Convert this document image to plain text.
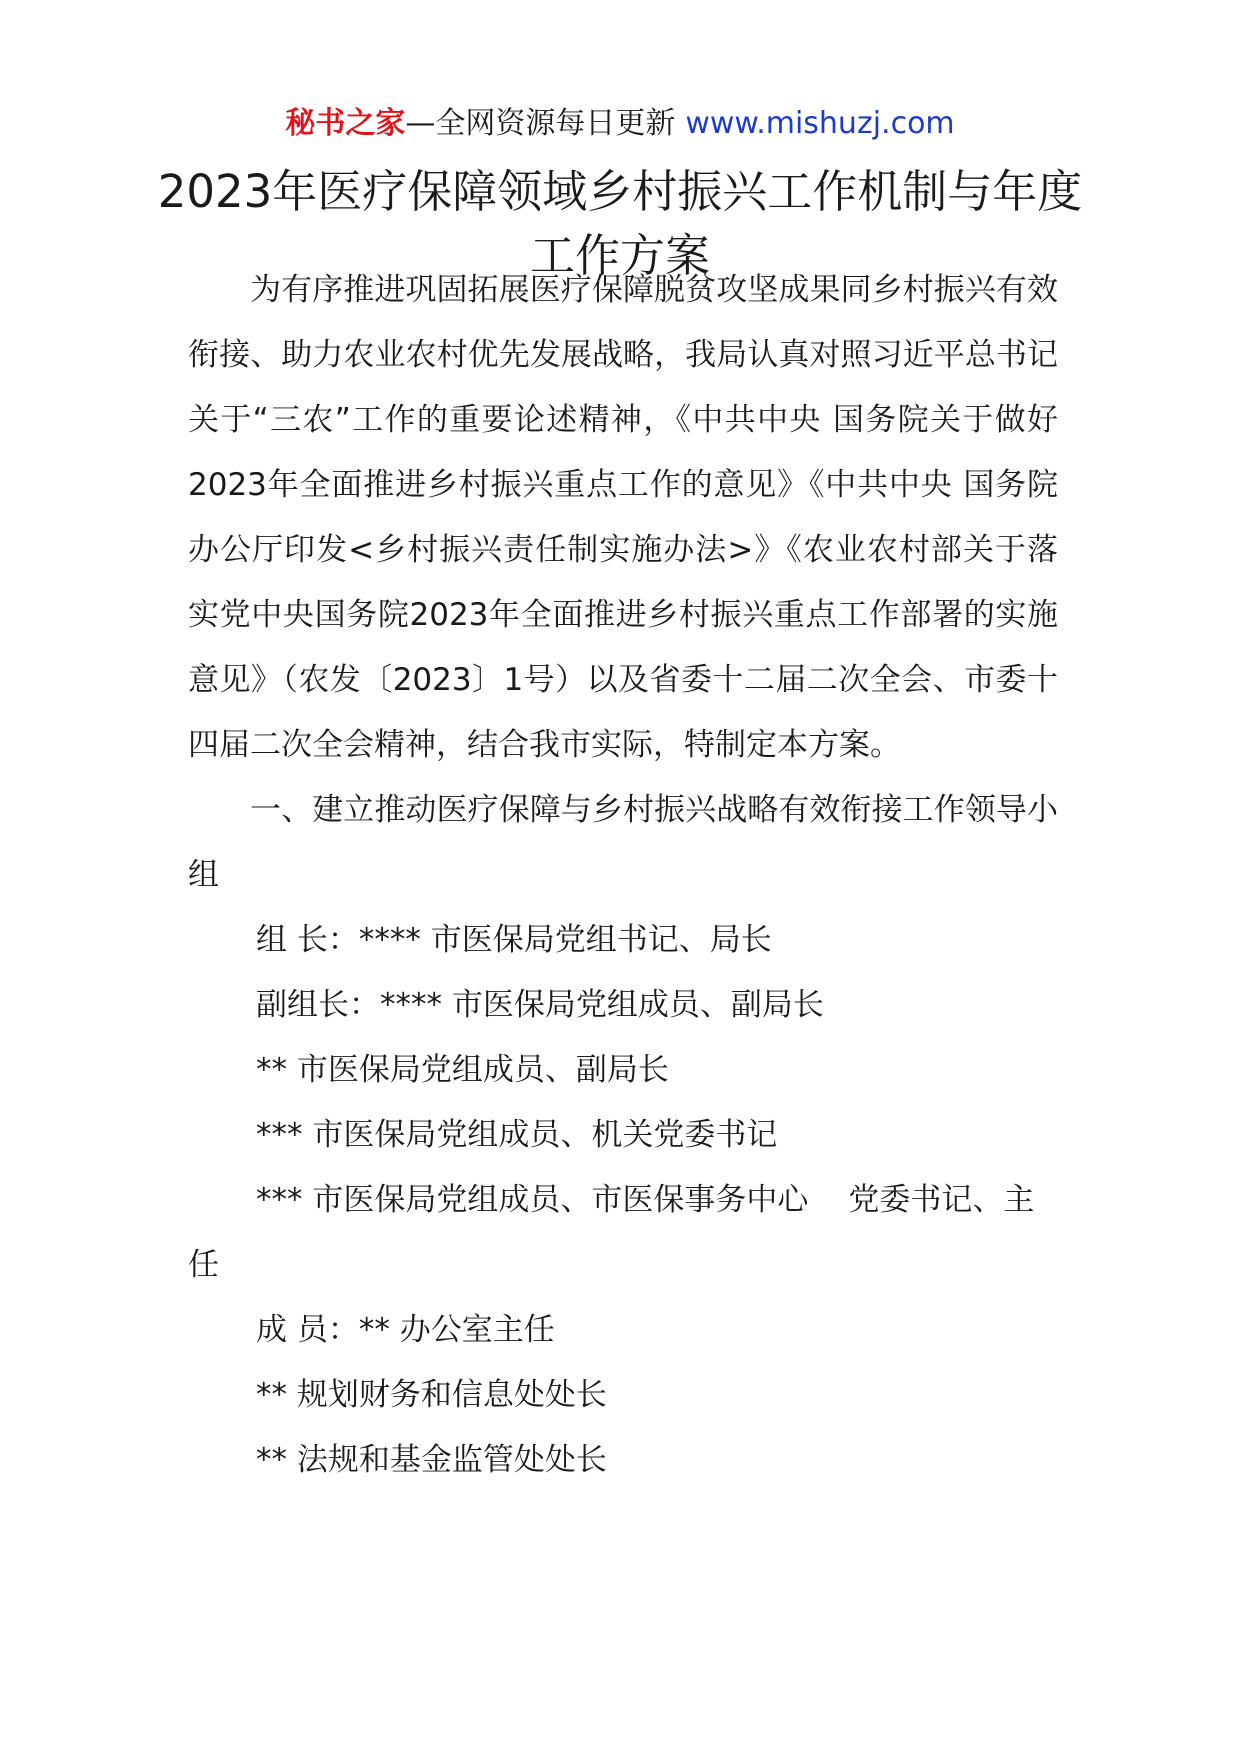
秘书之家—全网资源每日更新 www.mishuzj.com
2023年医疗保障领域乡村振兴工作机制与年度工作方案

为有序推进巩固拓展医疗保障脱贫攻坚成果同乡村振兴有效衔接、助力农业农村优先发展战略，我局认真对照习近平总书记关于“三农”工作的重要论述精神，《中共中央 国务院关于做好2023年全面推进乡村振兴重点工作的意见》《中共中央 国务院办公厅印发<乡村振兴责任制实施办法>》《农业农村部关于落实党中央国务院2023年全面推进乡村振兴重点工作部署的实施意见》（农发〔2023〕1号）以及省委十二届二次全会、市委十四届二次全会精神，结合我市实际，特制定本方案。

一、建立推动医疗保障与乡村振兴战略有效衔接工作领导小组

组 长：**** 市医保局党组书记、局长

副组长：**** 市医保局党组成员、副局长

** 市医保局党组成员、副局长

*** 市医保局党组成员、机关党委书记

*** 市医保局党组成员、市医保事务中心 党委书记、主任

成 员：** 办公室主任

** 规划财务和信息处处长

** 法规和基金监管处处长
